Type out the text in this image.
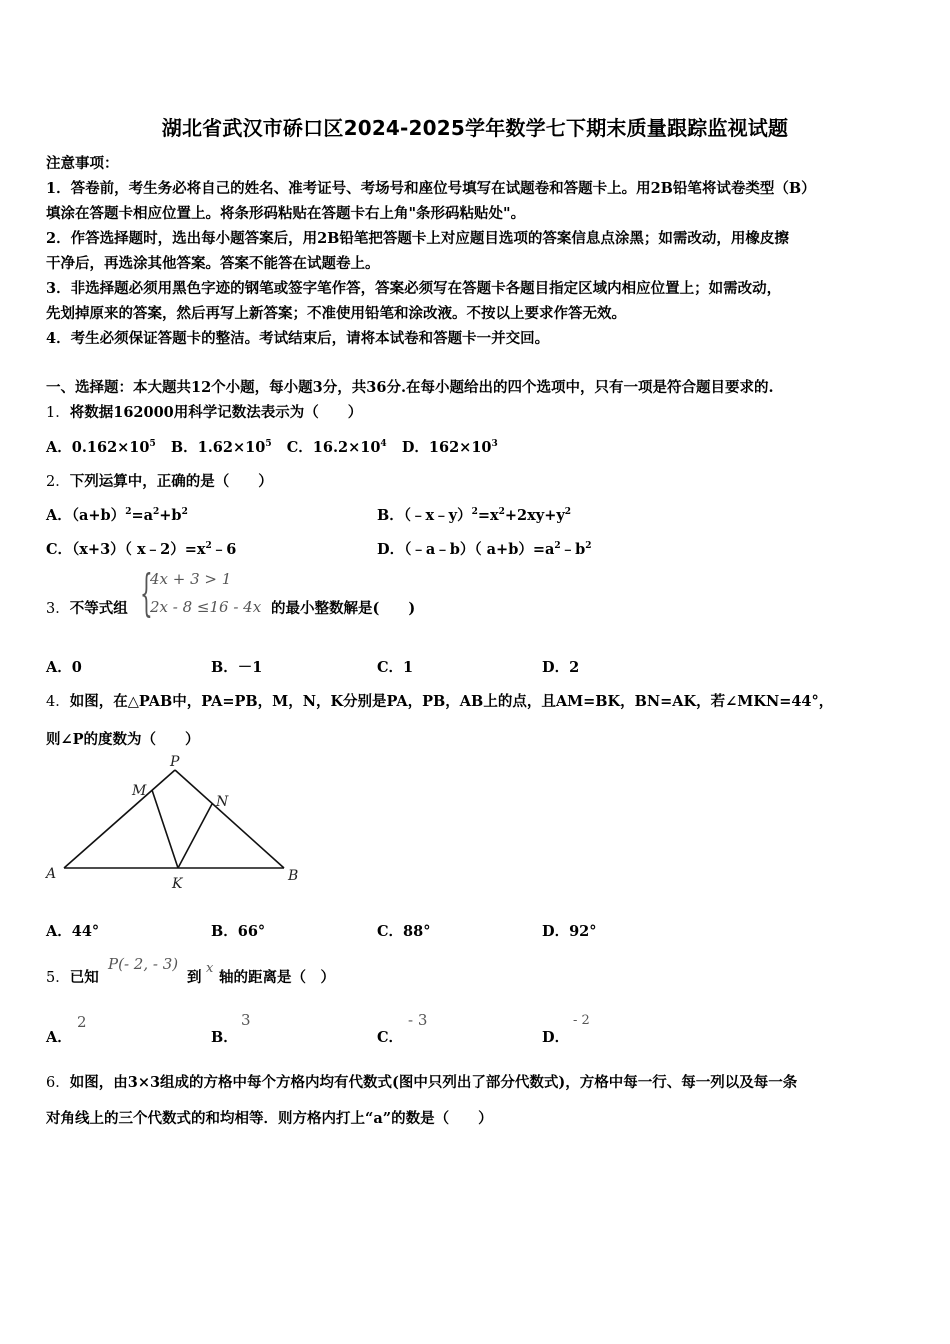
湖北省武汉市硚口区2024-2025学年数学七下期末质量跟踪监视试题
注意事项：
1．答卷前，考生务必将自己的姓名、准考证号、考场号和座位号填写在试题卷和答题卡上。用2B铅笔将试卷类型（B）
填涂在答题卡相应位置上。将条形码粘贴在答题卡右上角"条形码粘贴处"。
2．作答选择题时，选出每小题答案后，用2B铅笔把答题卡上对应题目选项的答案信息点涂黑；如需改动，用橡皮擦
干净后，再选涂其他答案。答案不能答在试题卷上。
3．非选择题必须用黑色字迹的钢笔或签字笔作答，答案必须写在答题卡各题目指定区域内相应位置上；如需改动，
先划掉原来的答案，然后再写上新答案；不准使用铅笔和涂改液。不按以上要求作答无效。
4．考生必须保证答题卡的整洁。考试结束后，请将本试卷和答题卡一并交回。
一、选择题：本大题共12个小题，每小题3分，共36分.在每小题给出的四个选项中，只有一项是符合题目要求的.
1．将数据162000用科学记数法表示为（　　）
A．$0.162\times 10^5$ B．$1.62\times 10^5$ C．$16.2\times 10^4$ D．$162\times 10^3$
2．下列运算中，正确的是（　　）
A．$(a+b)^2=a^2+b^2$	B．$(﹣x﹣y)^2=x^2+2xy+y^2$
C．（x+3）（ $x﹣2)=x^2﹣6$	D．（﹣a﹣b）（ $a+b)=a^2﹣b^2$
3．不等式组 {
4x + 3 > 1
2x - 8 ≤16 - 4x 的最小整数解是(　　)
A．0	B．－1	C．1	D．2
4．如图，在△PAB中，PA=PB，M，N，K分别是PA，PB，AB上的点，且AM=BK，BN=AK，若∠MKN=44°，
则∠P的度数为（　　）
P
M
N
A
K	B
A．44°	B．66°	C．88°	D．92°
5．已知
P(- 2, - 3)
到
x
轴的距离是（　）
A．
2
B．
3
C．
- 3
D．
- 2
6．如图，由3×3组成的方格中每个方格内均有代数式(图中只列出了部分代数式)，方格中每一行、每一列以及每一条
对角线上的三个代数式的和均相等．则方格内打上“a”的数是（　　）
